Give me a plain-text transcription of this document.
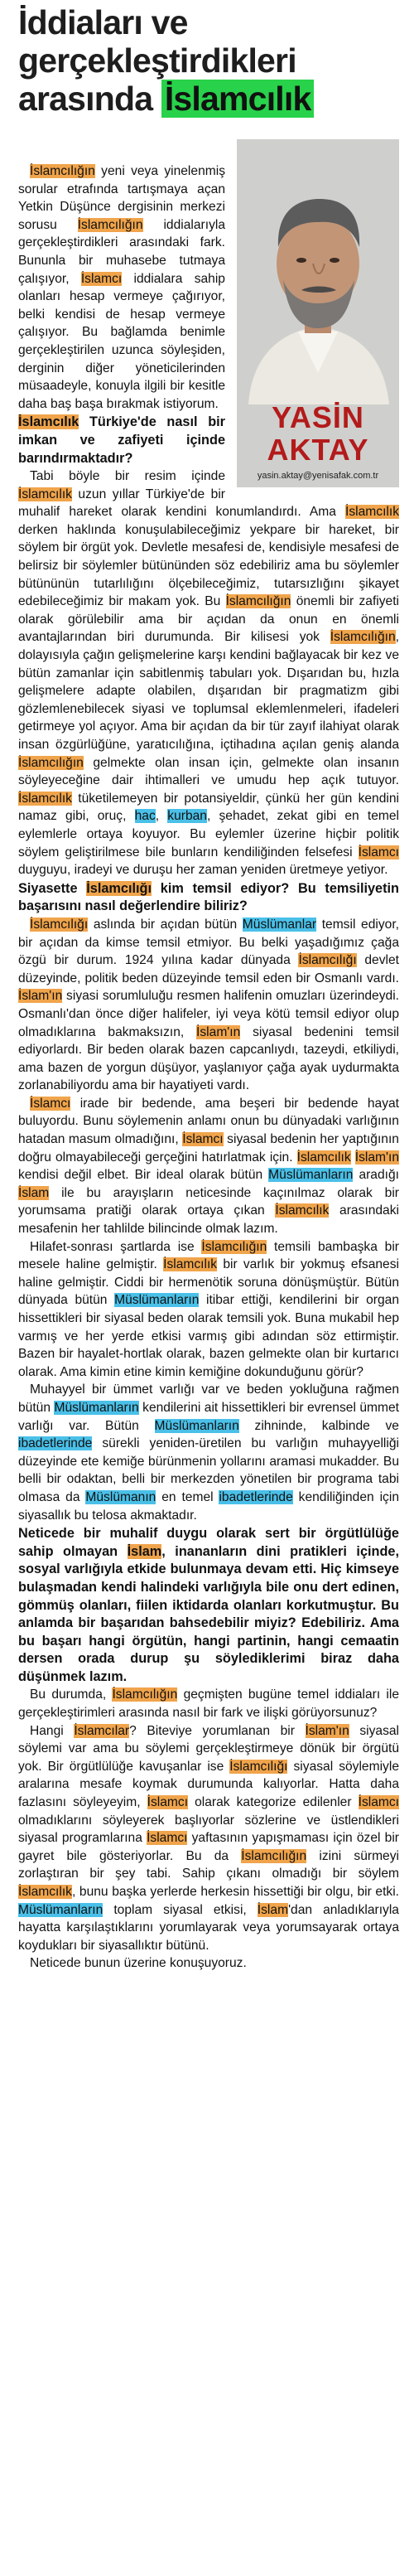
İddiaları ve
gerçekleştirdikleri
arasında İslamcılık
YASİN
AKTAY
yasin.aktay@yenisafak.com.tr

İslamcılığın yeni veya yinelenmiş sorular etrafında tartışmaya açan Yetkin Düşünce dergisinin merkezi sorusu İslamcılığın iddialarıyla gerçekleştirdikleri arasındaki fark. Bununla bir muhasebe tutmaya çalışıyor, İslamcı iddialara sahip olanları hesap vermeye çağırıyor, belki kendisi de hesap vermeye çalışıyor. Bu bağlamda benimle gerçekleştirilen uzunca söyleşiden, derginin diğer yöneticilerinden müsaadeyle, konuyla ilgili bir kesitle daha baş başa bırakmak istiyorum.

İslamcılık Türkiye'de nasıl bir imkan ve zafiyeti içinde barındırmaktadır?

Tabi böyle bir resim içinde İslamcılık uzun yıllar Türkiye'de bir muhalif hareket olarak kendini konumlandırdı. Ama İslamcılık derken haklında konuşulabileceğimiz yekpare bir hareket, bir söylem bir örgüt yok. Devletle mesafesi de, kendisiyle mesafesi de belirsiz bir söylemler bütününden söz edebiliriz ama bu söylemler bütününün tutarlılığını ölçebileceğimiz, tutarsızlığını şikayet edebileceğimiz bir makam yok. Bu İslamcılığın önemli bir zafiyeti olarak görülebilir ama bir açıdan da onun en önemli avantajlarından biri durumunda. Bir kilisesi yok İslamcılığın, dolayısıyla çağın gelişmelerine karşı kendini bağlayacak bir kez ve bütün zamanlar için sabitlenmiş tabuları yok. Dışarıdan bu, hızla gelişmelere adapte olabilen, dışarıdan bir pragmatizm gibi gözlemlenebilecek siyasi ve toplumsal eklemlenmeleri, ifadeleri getirmeye yol açıyor. Ama bir açıdan da bir tür zayıf ilahiyat olarak insan özgürlüğüne, yaratıcılığına, içtihadına açılan geniş alanda İslamcılığın gelmekte olan insan için, gelmekte olan insanın söyleyeceğine dair ihtimalleri ve umudu hep açık tutuyor. İslamcılık tüketilemeyen bir potansiyeldir, çünkü her gün kendini namaz gibi, oruç, hac, kurban, şehadet, zekat gibi en temel eylemlerle ortaya koyuyor. Bu eylemler üzerine hiçbir politik söylem geliştirilmese bile bunların kendiliğinden felsefesi İslamcı duyguyu, iradeyi ve duruşu her zaman yeniden üretmeye yetiyor.

Siyasette İslamcılığı kim temsil ediyor? Bu temsiliyetin başarısını nasıl değerlendire biliriz?

İslamcılığı aslında bir açıdan bütün Müslümanlar temsil ediyor, bir açıdan da kimse temsil etmiyor. Bu belki yaşadığımız çağa özgü bir durum. 1924 yılına kadar dünyada İslamcılığı devlet düzeyinde, politik beden düzeyinde temsil eden bir Osmanlı vardı. İslam'ın siyasi sorumluluğu resmen halifenin omuzları üzerindeydi. Osmanlı'dan önce diğer halifeler, iyi veya kötü temsil ediyor olup olmadıklarına bakmaksızın, İslam'ın siyasal bedenini temsil ediyorlardı. Bir beden olarak bazen capcanlıydı, tazeydi, etkiliydi, ama bazen de yorgun düşüyor, yaşlanıyor çağa ayak uydurmakta zorlanabiliyordu ama bir hayatiyeti vardı.

İslamcı irade bir bedende, ama beşeri bir bedende hayat buluyordu. Bunu söylemenin anlamı onun bu dünyadaki varlığının hatadan masum olmadığını, İslamcı siyasal bedenin her yaptığının doğru olmayabileceği gerçeğini hatırlatmak için. İslamcılık İslam'ın kendisi değil elbet. Bir ideal olarak bütün Müslümanların aradığı İslam ile bu arayışların neticesinde kaçınılmaz olarak bir yorumsama pratiği olarak ortaya çıkan İslamcılık arasındaki mesafenin her tahlilde bilincinde olmak lazım.

Hilafet-sonrası şartlarda ise İslamcılığın temsili bambaşka bir mesele haline gelmiştir. İslamcılık bir varlık bir yokmuş efsanesi haline gelmiştir. Ciddi bir hermenötik soruna dönüşmüştür. Bütün dünyada bütün Müslümanların itibar ettiği, kendilerini bir organ hissettikleri bir siyasal beden olarak temsili yok. Buna mukabil hep varmış ve her yerde etkisi varmış gibi adından söz ettirmiştir. Bazen bir hayalet-hortlak olarak, bazen gelmekte olan bir kurtarıcı olarak. Ama kimin etine kimin kemiğine dokunduğunu görür?

Muhayyel bir ümmet varlığı var ve beden yokluğuna rağmen bütün Müslümanların kendilerini ait hissettikleri bir evrensel ümmet varlığı var. Bütün Müslümanların zihninde, kalbinde ve ibadetlerinde sürekli yeniden-üretilen bu varlığın muhayyelliği düzeyinde ete kemiğe bürünmenin yollarını aramasi mukadder. Bu belli bir odaktan, belli bir merkezden yönetilen bir programa tabi olmasa da Müslümanın en temel ibadetlerinde kendiliğinden için siyasallık bu telosa akmaktadır.

Neticede bir muhalif duygu olarak sert bir örgütlülüğe sahip olmayan İslam, inananların dini pratikleri içinde, sosyal varlığıyla etkide bulunmaya devam etti. Hiç kimseye bulaşmadan kendi halindeki varlığıyla bile onu dert edinen, gömmüş olanları, fiilen iktidarda olanları korkutmuştur. Bu anlamda bir başarıdan bahsedebilir miyiz? Edebiliriz. Ama bu başarı hangi örgütün, hangi partinin, hangi cemaatin dersen orada durup şu söylediklerimi biraz daha düşünmek lazım.

Bu durumda, İslamcılığın geçmişten bugüne temel iddiaları ile gerçekleştirimleri arasında nasıl bir fark ve ilişki görüyorsunuz?

Hangi İslamcılar? Biteviye yorumlanan bir İslam'ın siyasal söylemi var ama bu söylemi gerçekleştirmeye dönük bir örgütü yok. Bir örgütlülüğe kavuşanlar ise İslamcılığı siyasal söylemiyle aralarına mesafe koymak durumunda kalıyorlar. Hatta daha fazlasını söyleyeyim, İslamcı olarak kategorize edilenler İslamcı olmadıklarını söyleyerek başlıyorlar sözlerine ve üstlendikleri siyasal programlarına İslamcı yaftasının yapışmaması için özel bir gayret bile gösteriyorlar. Bu da İslamcılığın izini sürmeyi zorlaştıran bir şey tabi. Sahip çıkanı olmadığı bir söylem İslamcılık, bunu başka yerlerde herkesin hissettiği bir olgu, bir etki. Müslümanların toplam siyasal etkisi, İslam'dan anladıklarıyla hayatta karşılaştıklarını yorumlayarak veya yorumsayarak ortaya koydukları bir siyasallıktır bütünü.

Neticede bunun üzerine konuşuyoruz.
